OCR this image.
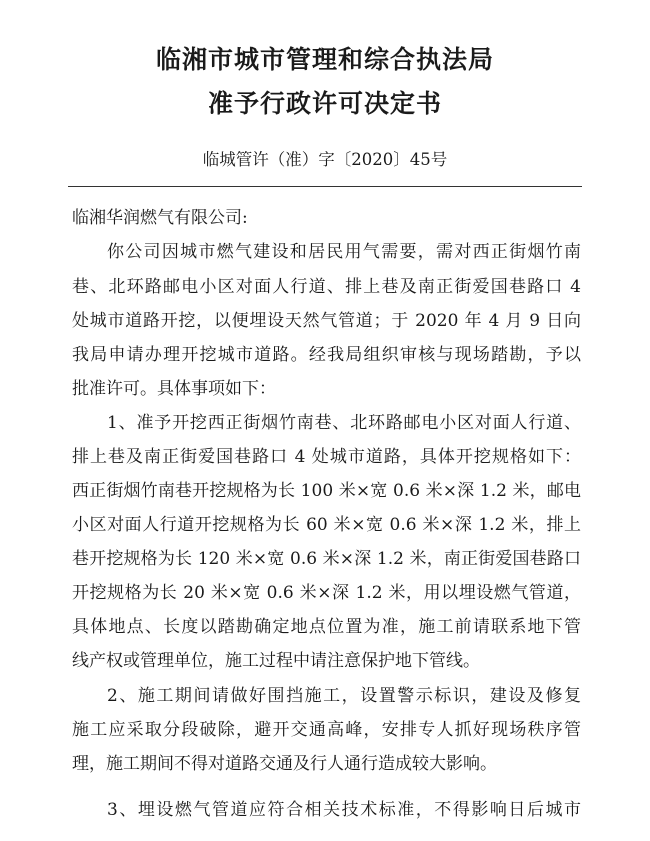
临湘市城市管理和综合执法局
准予行政许可决定书
临城管许（准）字〔2020〕45号
临湘华润燃气有限公司:
你公司因城市燃气建设和居民用气需要，需对西正街烟竹南
巷、北环路邮电小区对面人行道、排上巷及南正街爱国巷路口 4
处城市道路开挖，以便埋设天然气管道；于 2020 年 4 月 9 日向
我局申请办理开挖城市道路。经我局组织审核与现场踏勘，予以
批准许可。具体事项如下：
1、准予开挖西正街烟竹南巷、北环路邮电小区对面人行道、
排上巷及南正街爱国巷路口 4 处城市道路，具体开挖规格如下：
西正街烟竹南巷开挖规格为长 100 米×宽 0.6 米×深 1.2 米，邮电
小区对面人行道开挖规格为长 60 米×宽 0.6 米×深 1.2 米，排上
巷开挖规格为长 120 米×宽 0.6 米×深 1.2 米，南正街爱国巷路口
开挖规格为长 20 米×宽 0.6 米×深 1.2 米，用以埋设燃气管道，
具体地点、长度以踏勘确定地点位置为准，施工前请联系地下管
线产权或管理单位，施工过程中请注意保护地下管线。
2、施工期间请做好围挡施工，设置警示标识，建设及修复
施工应采取分段破除，避开交通高峰，安排专人抓好现场秩序管
理，施工期间不得对道路交通及行人通行造成较大影响。
3、埋设燃气管道应符合相关技术标准，不得影响日后城市
